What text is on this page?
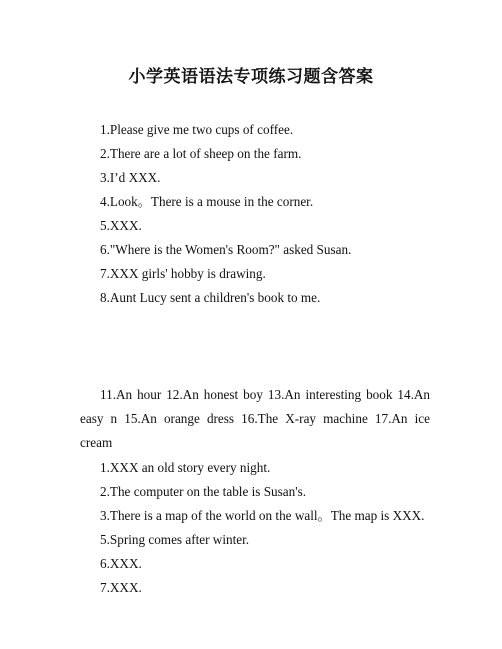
小学英语语法专项练习题含答案

1.Please give me two cups of coffee.

2.There are a lot of sheep on the farm.

3.I’d XXX.

4.Look。There is a mouse in the corner.

5.XXX.

6."Where is the Women's Room?" asked Susan.

7.XXX girls' hobby is drawing.

8.Aunt Lucy sent a children's book to me.

11.An hour 12.An honest boy 13.An interesting book 14.An easy n 15.An orange dress 16.The X-ray machine 17.An ice cream

1.XXX an old story every night.

2.The computer on the table is Susan's.

3.There is a map of the world on the wall。The map is XXX.

5.Spring comes after winter.

6.XXX.

7.XXX.
